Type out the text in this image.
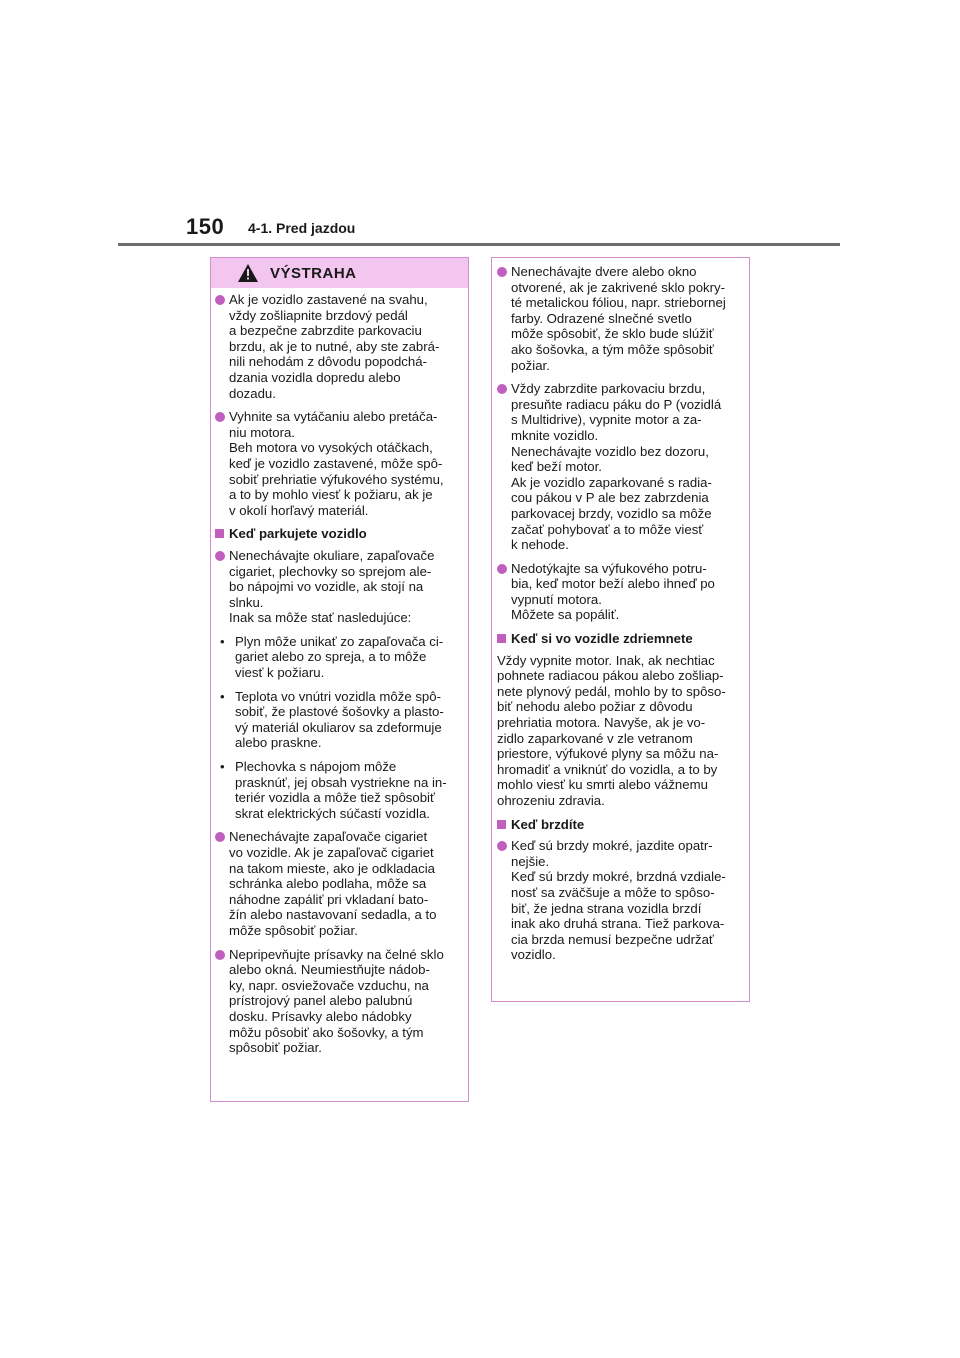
150 4-1. Pred jazdou
VÝSTRAHA
Ak je vozidlo zastavené na svahu,
vždy zošliapnite brzdový pedál
a bezpečne zabrzdite parkovaciu
brzdu, ak je to nutné, aby ste zabrá-
nili nehodám z dôvodu popodchá-
dzania vozidla dopredu alebo
dozadu.
Vyhnite sa vytáčaniu alebo pretáča-
niu motora.
Beh motora vo vysokých otáčkach,
keď je vozidlo zastavené, môže spô-
sobiť prehriatie výfukového systému,
a to by mohlo viesť k požiaru, ak je
v okolí horľavý materiál.
Keď parkujete vozidlo
Nenechávajte okuliare, zapaľovače
cigariet, plechovky so sprejom ale-
bo nápojmi vo vozidle, ak stojí na
slnku.
Inak sa môže stať nasledujúce:
• Plyn môže unikať zo zapaľovača ci-
gariet alebo zo spreja, a to môže
viesť k požiaru.
• Teplota vo vnútri vozidla môže spô-
sobiť, že plastové šošovky a plasto-
vý materiál okuliarov sa zdeformuje
alebo praskne.
• Plechovka s nápojom môže
prasknúť, jej obsah vystriekne na in-
teriér vozidla a môže tiež spôsobiť
skrat elektrických súčastí vozidla.
Nenechávajte zapaľovače cigariet
vo vozidle. Ak je zapaľovač cigariet
na takom mieste, ako je odkladacia
schránka alebo podlaha, môže sa
náhodne zapáliť pri vkladaní bato-
žín alebo nastavovaní sedadla, a to
môže spôsobiť požiar.
Nepripevňujte prísavky na čelné sklo
alebo okná. Neumiestňujte nádob-
ky, napr. osviežovače vzduchu, na
prístrojový panel alebo palubnú
dosku. Prísavky alebo nádobky
môžu pôsobiť ako šošovky, a tým
spôsobiť požiar.
Nenechávajte dvere alebo okno
otvorené, ak je zakrivené sklo pokry-
té metalickou fóliou, napr. striebornej
farby. Odrazené slnečné svetlo
môže spôsobiť, že sklo bude slúžiť
ako šošovka, a tým môže spôsobiť
požiar.
Vždy zabrzdite parkovaciu brzdu,
presuňte radiacu páku do P (vozidlá
s Multidrive), vypnite motor a za-
mknite vozidlo.
Nenechávajte vozidlo bez dozoru,
keď beží motor.
Ak je vozidlo zaparkované s radia-
cou pákou v P ale bez zabrzdenia
parkovacej brzdy, vozidlo sa môže
začať pohybovať a to môže viesť
k nehode.
Nedotýkajte sa výfukového potru-
bia, keď motor beží alebo ihneď po
vypnutí motora.
Môžete sa popáliť.
Keď si vo vozidle zdriemnete
Vždy vypnite motor. Inak, ak nechtiac
pohnete radiacou pákou alebo zošliap-
nete plynový pedál, mohlo by to spôso-
biť nehodu alebo požiar z dôvodu
prehriatia motora. Navyše, ak je vo-
zidlo zaparkované v zle vetranom
priestore, výfukové plyny sa môžu na-
hromadiť a vniknúť do vozidla, a to by
mohlo viesť ku smrti alebo vážnemu
ohrozeniu zdravia.
Keď brzdíte
Keď sú brzdy mokré, jazdite opatr-
nejšie.
Keď sú brzdy mokré, brzdná vzdiale-
nosť sa zväčšuje a môže to spôso-
biť, že jedna strana vozidla brzdí
inak ako druhá strana. Tiež parkova-
cia brzda nemusí bezpečne udržať
vozidlo.
